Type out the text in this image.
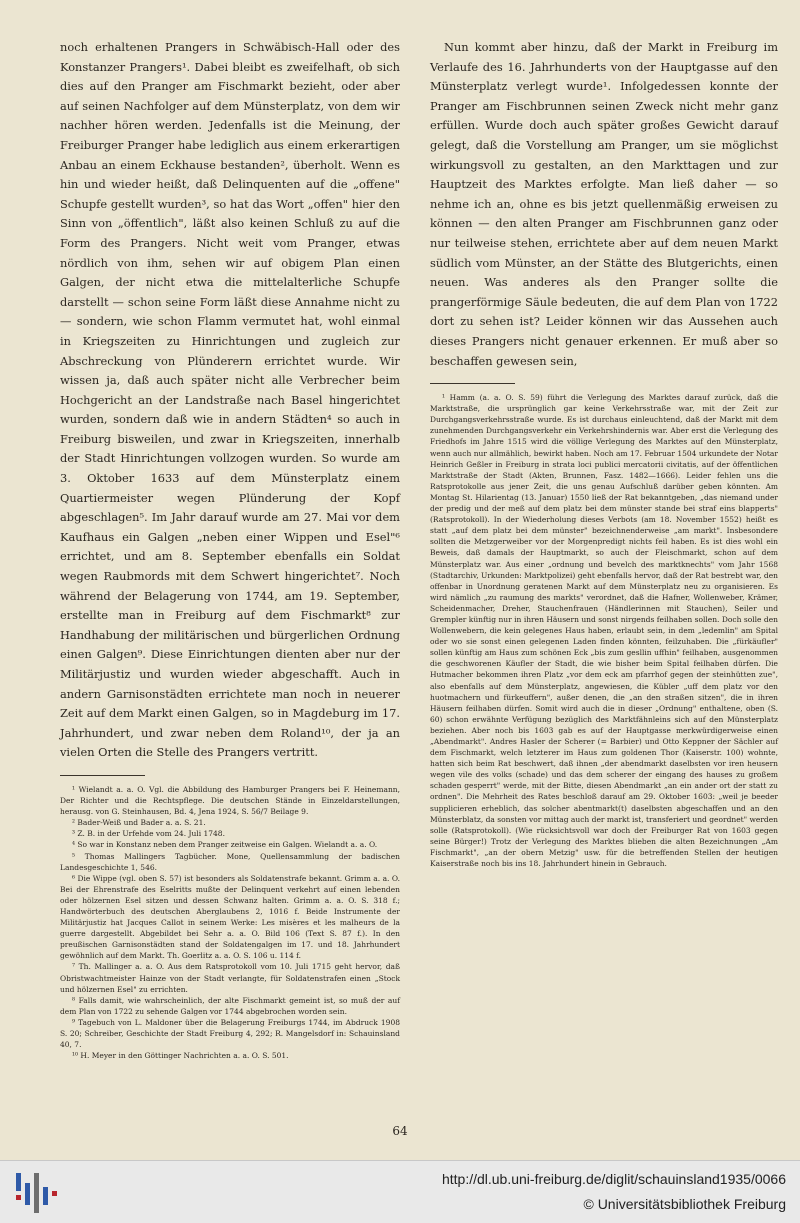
noch erhaltenen Prangers in Schwäbisch-Hall oder des Konstanzer Prangers¹. Dabei bleibt es zweifelhaft, ob sich dies auf den Pranger am Fischmarkt bezieht, oder aber auf seinen Nachfolger auf dem Münsterplatz, von dem wir nachher hören werden. Jedenfalls ist die Meinung, der Freiburger Pranger habe lediglich aus einem erkerartigen Anbau an einem Eckhause bestanden², überholt. Wenn es hin und wieder heißt, daß Delinquenten auf die „offene" Schupfe gestellt wurden³, so hat das Wort „offen" hier den Sinn von „öffentlich", läßt also keinen Schluß zu auf die Form des Prangers. Nicht weit vom Pranger, etwas nördlich von ihm, sehen wir auf obigem Plan einen Galgen, der nicht etwa die mittelalterliche Schupfe darstellt — schon seine Form läßt diese Annahme nicht zu — sondern, wie schon Flamm vermutet hat, wohl einmal in Kriegszeiten zu Hinrichtungen und zugleich zur Abschreckung von Plünderern errichtet wurde. Wir wissen ja, daß auch später nicht alle Verbrecher beim Hochgericht an der Landstraße nach Basel hingerichtet wurden, sondern daß wie in andern Städten⁴ so auch in Freiburg bisweilen, und zwar in Kriegszeiten, innerhalb der Stadt Hinrichtungen vollzogen wurden. So wurde am 3. Oktober 1633 auf dem Münsterplatz einem Quartiermeister wegen Plünderung der Kopf abgeschlagen⁵. Im Jahr darauf wurde am 27. Mai vor dem Kaufhaus ein Galgen „neben einer Wippen und Esel"⁶ errichtet, und am 8. September ebenfalls ein Soldat wegen Raubmords mit dem Schwert hingerichtet⁷. Noch während der Belagerung von 1744, am 19. September, erstellte man in Freiburg auf dem Fischmarkt⁸ zur Handhabung der militärischen und bürgerlichen Ordnung einen Galgen⁹. Diese Einrichtungen dienten aber nur der Militärjustiz und wurden wieder abgeschafft. Auch in andern Garnisonstädten errichtete man noch in neuerer Zeit auf dem Markt einen Galgen, so in Magdeburg im 17. Jahrhundert, und zwar neben dem Roland¹⁰, der ja an vielen Orten die Stelle des Prangers vertritt.

¹ Wielandt a. a. O. Vgl. die Abbildung des Hamburger Prangers bei F. Heinemann, Der Richter und die Rechtspflege. Die deutschen Stände in Einzeldarstellungen, herausg. von G. Steinhausen, Bd. 4, Jena 1924, S. 56/7 Beilage 9.

² Bader-Weiß und Bader a. a. S. 21.

³ Z. B. in der Urfehde vom 24. Juli 1748.

⁴ So war in Konstanz neben dem Pranger zeitweise ein Galgen. Wielandt a. a. O.

⁵ Thomas Mallingers Tagbücher. Mone, Quellensammlung der badischen Landesgeschichte 1, 546.

⁶ Die Wippe (vgl. oben S. 57) ist besonders als Soldatenstrafe bekannt. Grimm a. a. O. Bei der Ehrenstrafe des Eselritts mußte der Delinquent verkehrt auf einen lebenden oder hölzernen Esel sitzen und dessen Schwanz halten. Grimm a. a. O. S. 318 f.; Handwörterbuch des deutschen Aberglaubens 2, 1016 f. Beide Instrumente der Militärjustiz hat Jacques Callot in seinem Werke: Les misères et les malheurs de la guerre dargestellt. Abgebildet bei Sehr a. a. O. Bild 106 (Text S. 87 f.). In den preußischen Garnisonstädten stand der Soldatengalgen im 17. und 18. Jahrhundert gewöhnlich auf dem Markt. Th. Goerlitz a. a. O. S. 106 u. 114 f.

⁷ Th. Mallinger a. a. O. Aus dem Ratsprotokoll vom 10. Juli 1715 geht hervor, daß Obristwachtmeister Hainze von der Stadt verlangte, für Soldatenstrafen einen „Stock und hölzernen Esel" zu errichten.

⁸ Falls damit, wie wahrscheinlich, der alte Fischmarkt gemeint ist, so muß der auf dem Plan von 1722 zu sehende Galgen vor 1744 abgebrochen worden sein.

⁹ Tagebuch von L. Maldoner über die Belagerung Freiburgs 1744, im Abdruck 1908 S. 20; Schreiber, Geschichte der Stadt Freiburg 4, 292; R. Mangelsdorf in: Schauinsland 40, 7.

¹⁰ H. Meyer in den Göttinger Nachrichten a. a. O. S. 501.

Nun kommt aber hinzu, daß der Markt in Freiburg im Verlaufe des 16. Jahrhunderts von der Hauptgasse auf den Münsterplatz verlegt wurde¹. Infolgedessen konnte der Pranger am Fischbrunnen seinen Zweck nicht mehr ganz erfüllen. Wurde doch auch später großes Gewicht darauf gelegt, daß die Vorstellung am Pranger, um sie möglichst wirkungsvoll zu gestalten, an den Markttagen und zur Hauptzeit des Marktes erfolgte. Man ließ daher — so nehme ich an, ohne es bis jetzt quellenmäßig erweisen zu können — den alten Pranger am Fischbrunnen ganz oder nur teilweise stehen, errichtete aber auf dem neuen Markt südlich vom Münster, an der Stätte des Blutgerichts, einen neuen. Was anderes als den Pranger sollte die prangerförmige Säule bedeuten, die auf dem Plan von 1722 dort zu sehen ist? Leider können wir das Aussehen auch dieses Prangers nicht genauer erkennen. Er muß aber so beschaffen gewesen sein,

¹ Hamm (a. a. O. S. 59) führt die Verlegung des Marktes darauf zurück, daß die Marktstraße, die ursprünglich gar keine Verkehrsstraße war, mit der Zeit zur Durchgangsverkehrsstraße wurde. Es ist durchaus einleuchtend, daß der Markt mit dem zunehmenden Durchgangsverkehr ein Verkehrshindernis war. Aber erst die Verlegung des Friedhofs im Jahre 1515 wird die völlige Verlegung des Marktes auf den Münsterplatz, wenn auch nur allmählich, bewirkt haben. Noch am 17. Februar 1504 urkundete der Notar Heinrich Geßler in Freiburg in strata loci publici mercatorii civitatis, auf der öffentlichen Marktstraße der Stadt (Akten, Brunnen, Fasz. 1482—1666). Leider fehlen uns die Ratsprotokolle aus jener Zeit, die uns genau Aufschluß darüber geben könnten. Am Montag St. Hilarientag (13. Januar) 1550 ließ der Rat bekanntgeben, „das niemand under der predig und der meß auf dem platz bei dem münster stande bei straf eins blapperts" (Ratsprotokoll). In der Wiederholung dieses Verbots (am 18. November 1552) heißt es statt „auf dem platz bei dem münster" bezeichnenderweise „am markt". Insbesondere sollten die Metzgerweiber vor der Morgenpredigt nichts feil haben. Es ist dies wohl ein Beweis, daß damals der Hauptmarkt, so auch der Fleischmarkt, schon auf dem Münsterplatz war. Aus einer „ordnung und bevelch des marktknechts" vom Jahr 1568 (Stadtarchiv, Urkunden: Marktpolizei) geht ebenfalls hervor, daß der Rat bestrebt war, den offenbar in Unordnung geratenen Markt auf dem Münsterplatz neu zu organisieren. Es wird nämlich „zu raumung des markts" verordnet, daß die Hafner, Wollenweber, Krämer, Scheidenmacher, Dreher, Stauchenfrauen (Händlerinnen mit Stauchen), Seiler und Grempler künftig nur in ihren Häusern und sonst nirgends feilhaben sollen. Doch solle den Wollenwebern, die kein gelegenes Haus haben, erlaubt sein, in dem „ledemlin" am Spital oder wo sie sonst einen gelegenen Laden finden könnten, feilzuhaben. Die „fürkäufler" sollen künftig am Haus zum schönen Eck „bis zum gesllin uffhin" feilhaben, ausgenommen die geschworenen Käufler der Stadt, die wie bisher beim Spital feilhaben dürfen. Die Hutmacher bekommen ihren Platz „vor dem eck am pfarrhof gegen der steinhütten zue", also ebenfalls auf dem Münsterplatz, angewiesen, die Kübler „uff dem platz vor den huotmachern und fürkeuffern", außer denen, die „an den straßen sitzen", die in ihren Häusern feilhaben dürfen. Somit wird auch die in dieser „Ordnung" enthaltene, oben (S. 60) schon erwähnte Verfügung bezüglich des Marktfähnleins sich auf den Münsterplatz beziehen. Aber noch bis 1603 gab es auf der Hauptgasse merkwürdigerweise einen „Abendmarkt". Andres Hasler der Scherer (= Barbier) und Otto Keppner der Sächler auf dem Fischmarkt, welch letzterer im Haus zum goldenen Thor (Kaiserstr. 100) wohnte, hatten sich beim Rat beschwert, daß ihnen „der abendmarkt daselbsten vor iren heusern wegen vile des volks (schade) und das dem scherer der eingang des hauses zu großem schaden gesperrt" werde, mit der Bitte, diesen Abendmarkt „an ein ander ort der statt zu ordnen". Die Mehrheit des Rates beschloß darauf am 29. Oktober 1603: „weil je beeder supplicieren erheblich, das solcher abentmarkt(t) daselbsten abgeschaffen und an den Münsterblatz, da sonsten vor mittag auch der markt ist, transferiert und geordnet" werden solle (Ratsprotokoll). (Wie rücksichtsvoll war doch der Freiburger Rat von 1603 gegen seine Bürger!) Trotz der Verlegung des Marktes blieben die alten Bezeichnungen „Am Fischmarkt", „an der obern Metzig" usw. für die betreffenden Stellen der heutigen Kaiserstraße noch bis ins 18. Jahrhundert hinein in Gebrauch.

64
http://dl.ub.uni-freiburg.de/diglit/schauinsland1935/0066
© Universitätsbibliothek Freiburg
